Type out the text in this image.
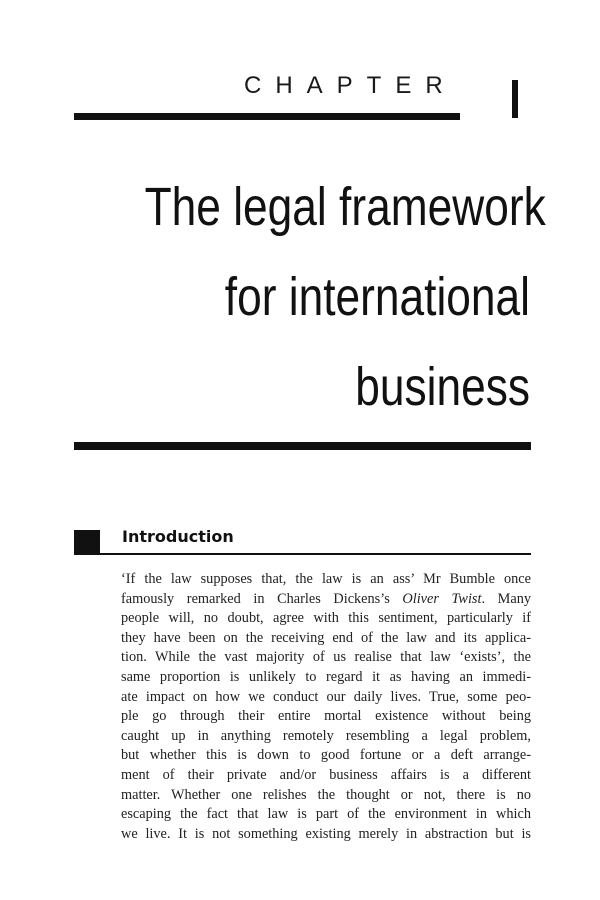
CHAPTER
The legal framework
for international
business
Introduction
‘If the law supposes that, the law is an ass’ Mr Bumble once
famously remarked in Charles Dickens’s Oliver Twist. Many
people will, no doubt, agree with this sentiment, particularly if
they have been on the receiving end of the law and its applica-
tion. While the vast majority of us realise that law ‘exists’, the
same proportion is unlikely to regard it as having an immedi-
ate impact on how we conduct our daily lives. True, some peo-
ple go through their entire mortal existence without being
caught up in anything remotely resembling a legal problem,
but whether this is down to good fortune or a deft arrange-
ment of their private and/or business affairs is a different
matter. Whether one relishes the thought or not, there is no
escaping the fact that law is part of the environment in which
we live. It is not something existing merely in abstraction but is
